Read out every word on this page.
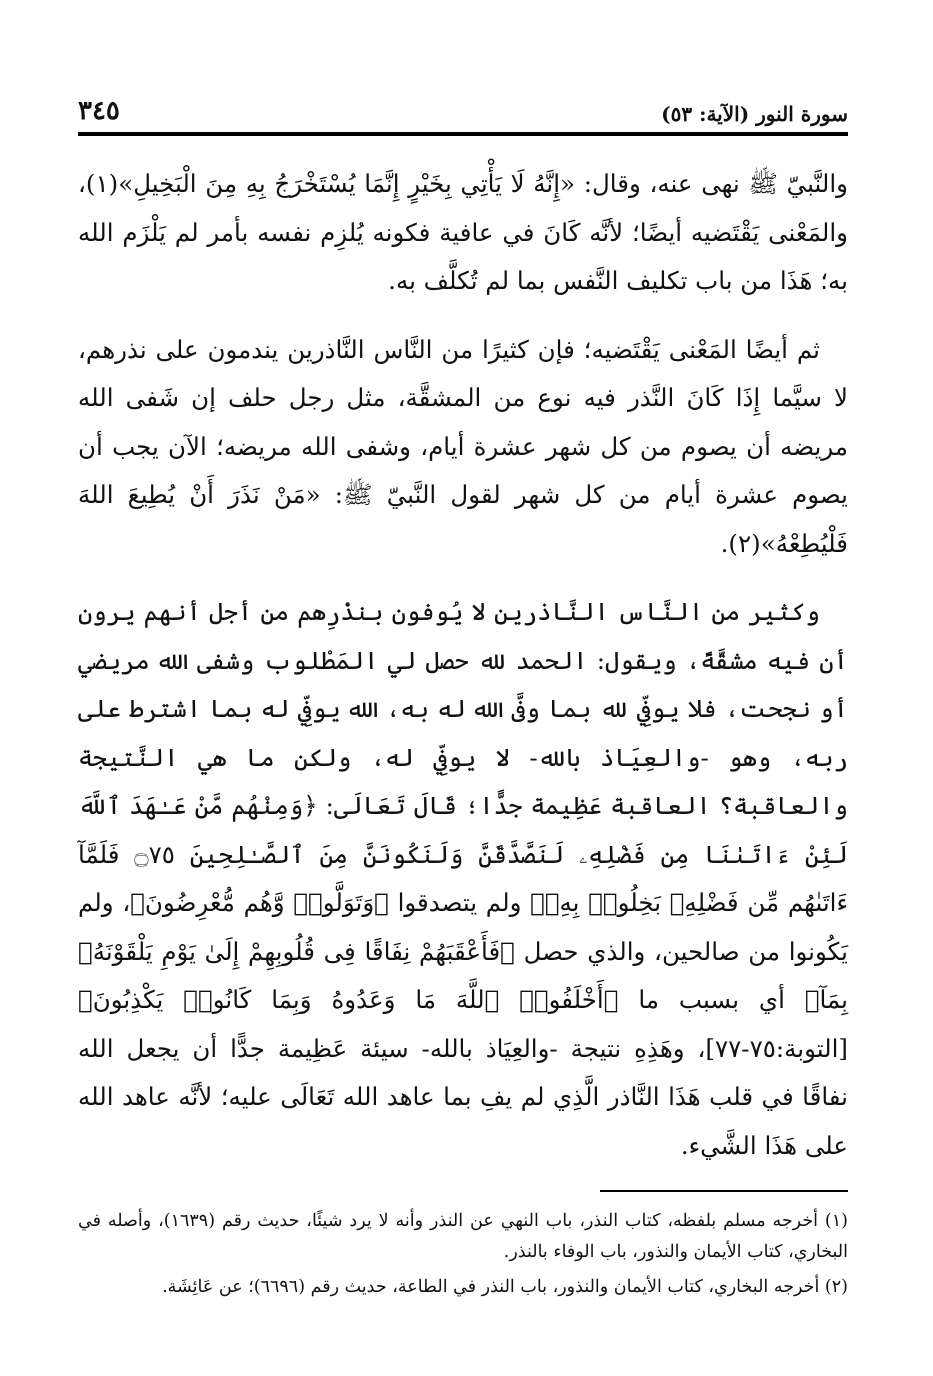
سورة النور (الآية: ٥٣)
٣٤٥

والنَّبيّ ﷺ نهى عنه، وقال: «إِنَّهُ لَا يَأْتِي بِخَيْرٍ إِنَّمَا يُسْتَخْرَجُ بِهِ مِنَ الْبَخِيلِ»(١)، والمَعْنى يَقْتَضيه أيضًا؛ لأنَّه كَانَ في عافية فكونه يُلزِم نفسه بأمر لم يَلْزَم الله به؛ هَذَا من باب تكليف النَّفس بما لم تُكلَّف به.

ثم أيضًا المَعْنى يَقْتَضيه؛ فإن كثيرًا من النَّاس النَّاذرين يندمون على نذرهم، لا سيَّما إِذَا كَانَ النَّذر فيه نوع من المشقَّة، مثل رجل حلف إن شَفى الله مريضه أن يصوم من كل شهر عشرة أيام، وشفى الله مريضه؛ الآن يجب أن يصوم عشرة أيام من كل شهر لقول النَّبيّ ﷺ: «مَنْ نَذَرَ أَنْ يُطِيعَ اللهَ فَلْيُطِعْهُ»(٢).

وكثير من النَّاس النَّاذرين لا يُوفون بنذْرِهم من أجل أنهم يرون أن فيه مشقَّةً، ويقول: الحمد لله حصل لي المَطْلوب وشفى الله مريضي أو نجحت، فلا يوفِّي لله بما وفَّى الله له به، الله يوفِّي له بما اشترط على ربه، وهو -والعِيَاذ بالله- لا يوفِّي له، ولكن ما هي النَّتيجة والعاقبة؟ العاقبة عَظِيمة جدًّا؛ قَالَ تَعَالَى: ﴿وَمِنْهُم مَّنْ عَـٰهَدَ ٱللَّهَ لَئِنْ ءَاتَىٰنَا مِن فَضْلِهِۦ لَنَصَّدَّقَنَّ وَلَنَكُونَنَّ مِنَ ٱلصَّـٰلِحِينَ ۝٧٥ فَلَمَّآ ءَاتَىٰهُم مِّن فَضْلِهِۦ بَخِلُوا۟ بِهِۦ﴾ ولم يتصدقوا ﴿وَتَوَلَّوا۟ وَّهُم مُّعْرِضُونَ﴾، ولم يَكُونوا من صالحين، والذي حصل ﴿فَأَعْقَبَهُمْ نِفَاقًا فِى قُلُوبِهِمْ إِلَىٰ يَوْمِ يَلْقَوْنَهُۥ بِمَآ﴾ أي بسبب ما ﴿أَخْلَفُوا۟ ٱللَّهَ مَا وَعَدُوهُ وَبِمَا كَانُوا۟ يَكْذِبُونَ﴾ [التوبة:٧٥-٧٧]، وهَذِهِ نتيجة -والعِيَاذ بالله- سيئة عَظِيمة جدًّا أن يجعل الله نفاقًا في قلب هَذَا النَّاذر الَّذِي لم يفِ بما عاهد الله تَعَالَى عليه؛ لأنَّه عاهد الله على هَذَا الشَّيء.

(١) أخرجه مسلم بلفظه، كتاب النذر، باب النهي عن النذر وأنه لا يرد شيئًا، حديث رقم (١٦٣٩)، وأصله في البخاري، كتاب الأيمان والنذور، باب الوفاء بالنذر.

(٢) أخرجه البخاري، كتاب الأيمان والنذور، باب النذر في الطاعة، حديث رقم (٦٦٩٦)؛ عن عَائِشَة.
